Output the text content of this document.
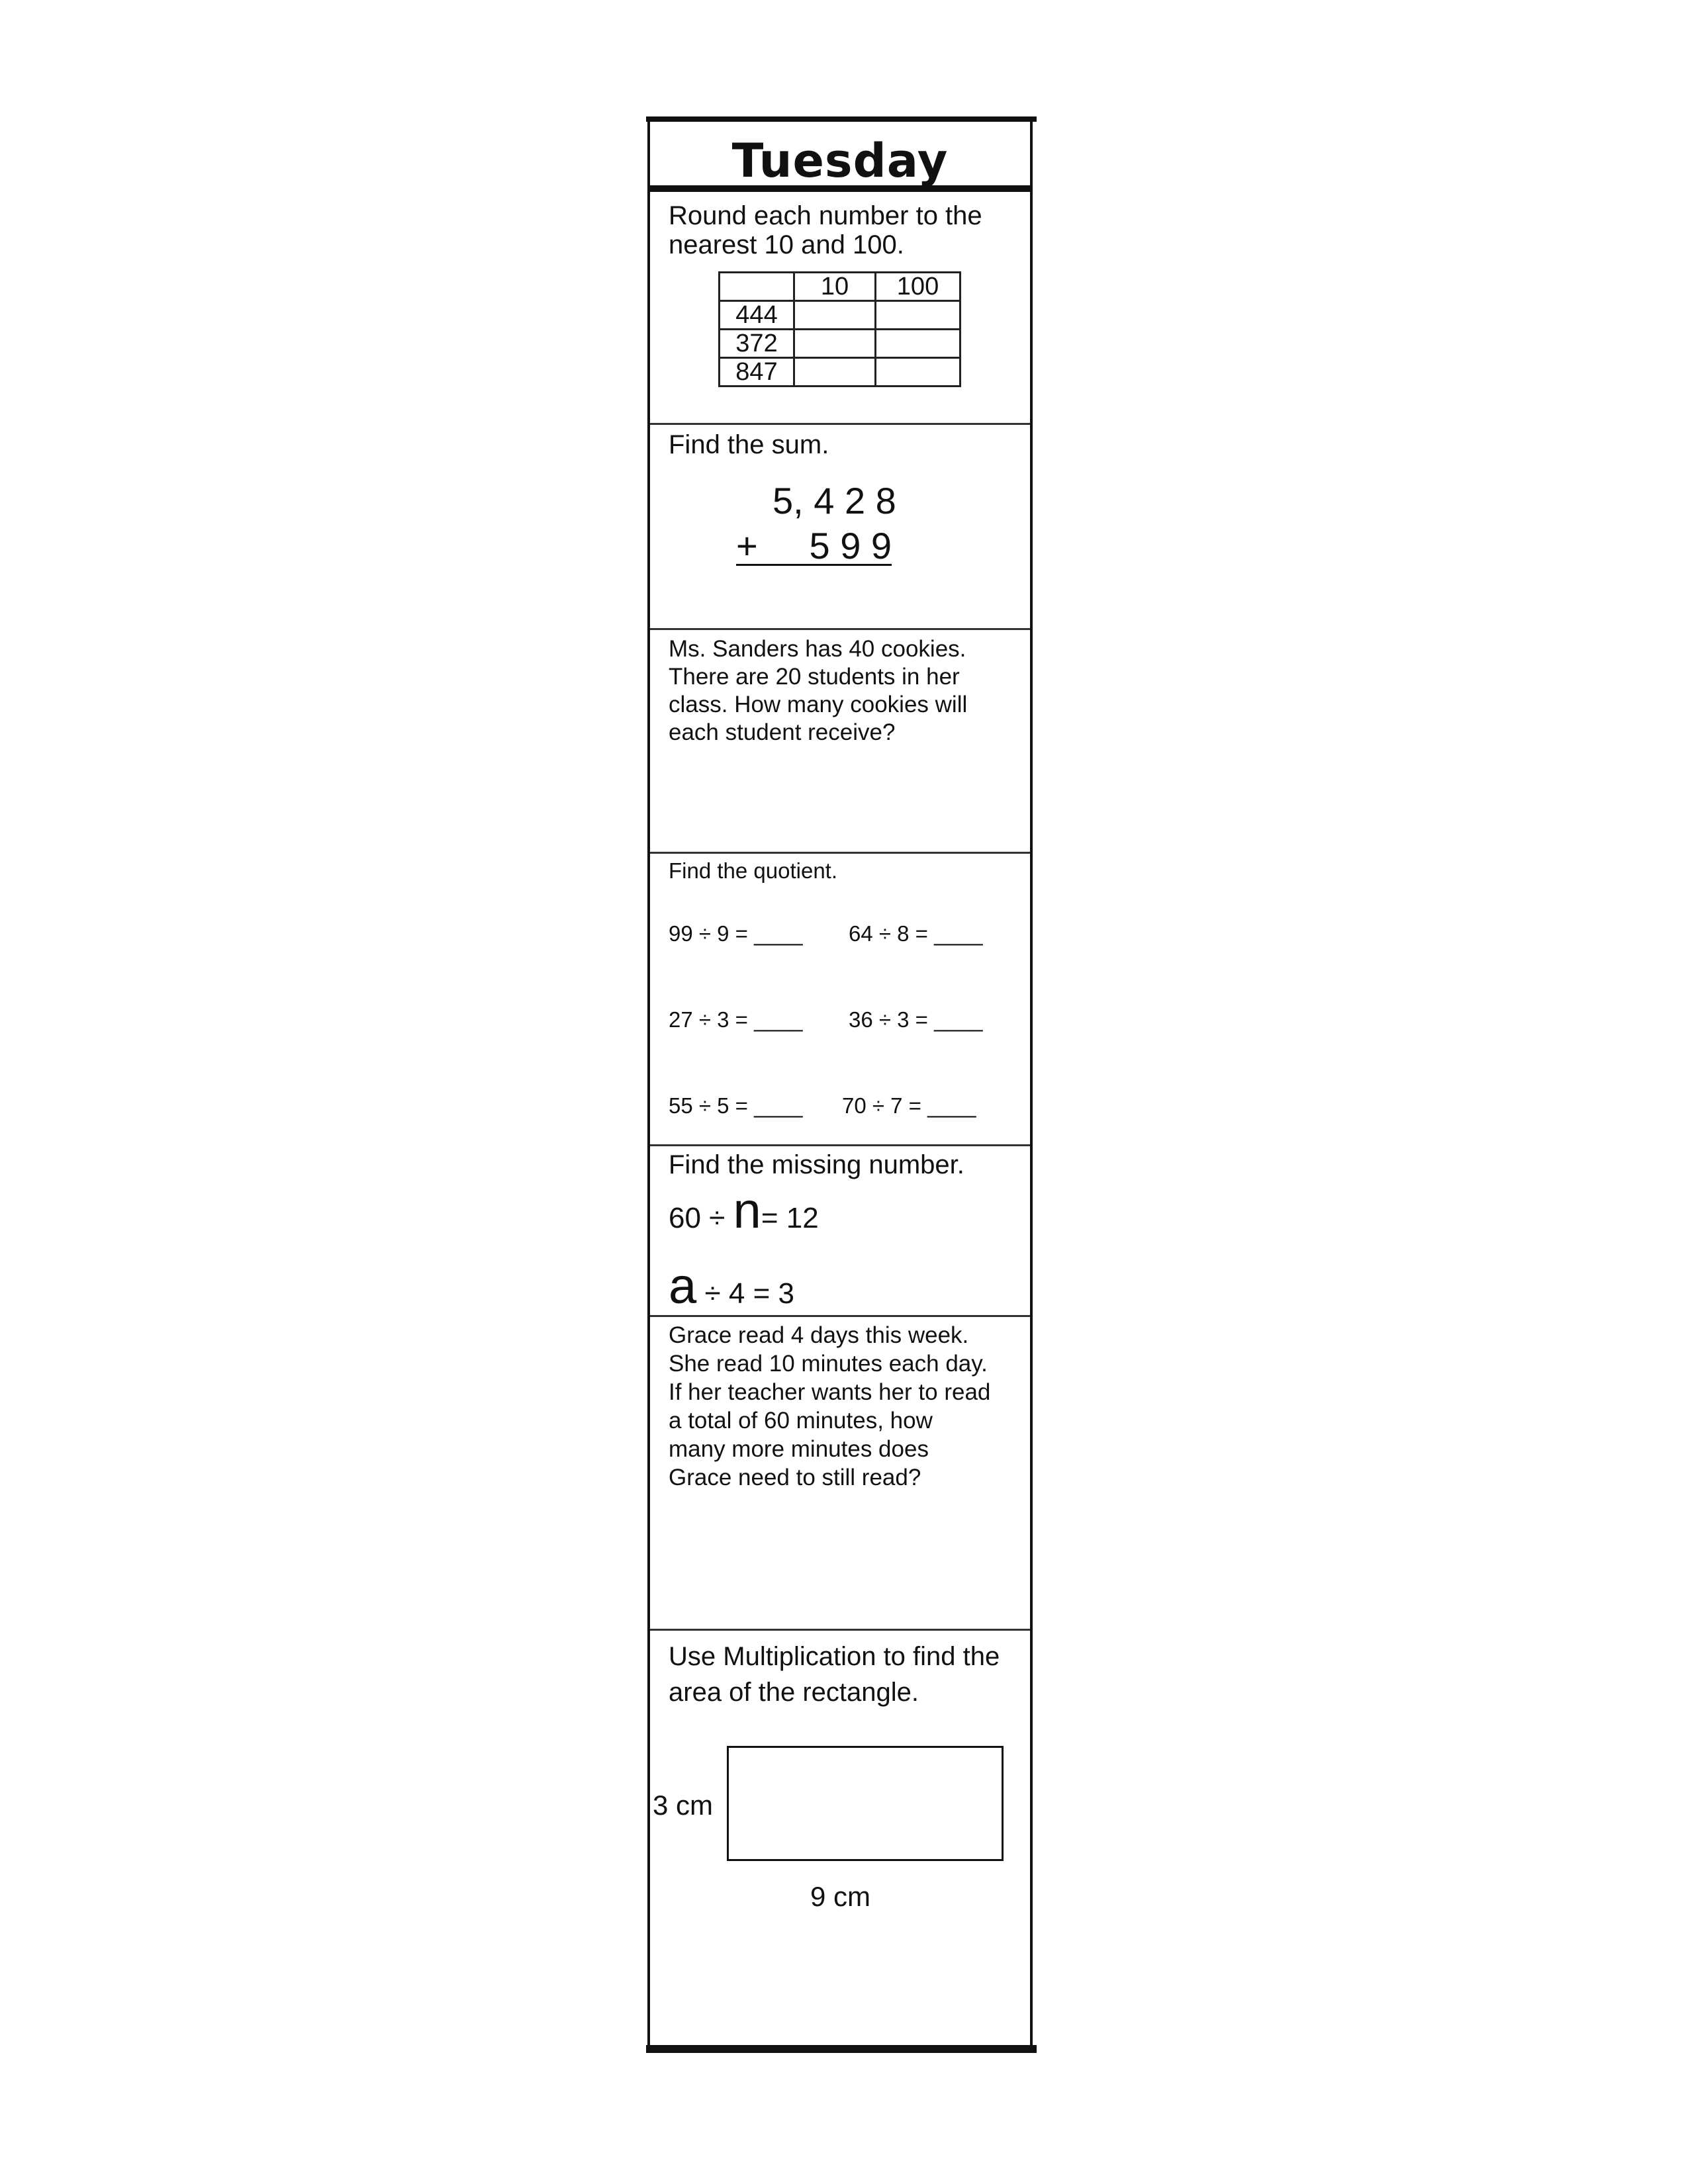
Tuesday
Round each number to the
nearest 10 and 100.
	10	100
444		
372		
847		
Find the sum.
5, 4 2 8
+     5 9 9
Ms. Sanders has 40 cookies.
There are 20 students in her
class. How many cookies will
each student receive?
Find the quotient.
99 ÷ 9 = ____ 64 ÷ 8 = ____
27 ÷ 3 = ____ 36 ÷ 3 = ____
55 ÷ 5 = ____ 70 ÷ 7 = ____
Find the missing number.
60 ÷ n= 12
a ÷ 4 = 3
Grace read 4 days this week.
She read 10 minutes each day.
If her teacher wants her to read
a total of 60 minutes, how
many more minutes does
Grace need to still read?
Use Multiplication to find the
area of the rectangle.
3 cm
9 cm
